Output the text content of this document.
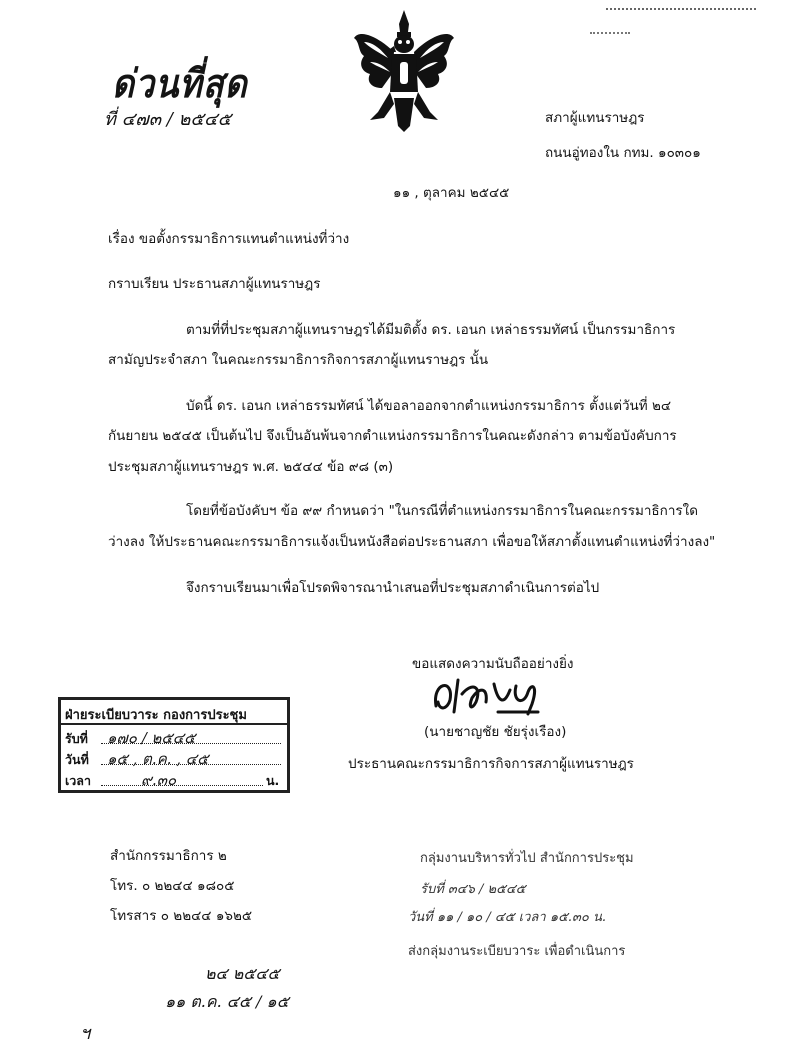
ด่วนที่สุด
ที่ ๔๗๓ / ๒๕๔๕	สภาผู้แทนราษฎร
ถนนอู่ทองใน กทม. ๑๐๓๐๑
๑๑ , ตุลาคม ๒๕๔๕
เรื่อง ขอตั้งกรรมาธิการแทนตำแหน่งที่ว่าง
กราบเรียน ประธานสภาผู้แทนราษฎร
ตามที่ที่ประชุมสภาผู้แทนราษฎรได้มีมติตั้ง ดร. เอนก เหล่าธรรมทัศน์ เป็นกรรมาธิการ
สามัญประจำสภา ในคณะกรรมาธิการกิจการสภาผู้แทนราษฎร นั้น
บัดนี้ ดร. เอนก เหล่าธรรมทัศน์ ได้ขอลาออกจากตำแหน่งกรรมาธิการ ตั้งแต่วันที่ ๒๔
กันยายน ๒๕๔๕ เป็นต้นไป จึงเป็นอันพ้นจากตำแหน่งกรรมาธิการในคณะดังกล่าว ตามข้อบังคับการ
ประชุมสภาผู้แทนราษฎร พ.ศ. ๒๕๔๔ ข้อ ๙๘ (๓)
โดยที่ข้อบังคับฯ ข้อ ๙๙ กำหนดว่า "ในกรณีที่ตำแหน่งกรรมาธิการในคณะกรรมาธิการใด
ว่างลง ให้ประธานคณะกรรมาธิการแจ้งเป็นหนังสือต่อประธานสภา เพื่อขอให้สภาตั้งแทนตำแหน่งที่ว่างลง"
จึงกราบเรียนมาเพื่อโปรดพิจารณานำเสนอที่ประชุมสภาดำเนินการต่อไป
ขอแสดงความนับถืออย่างยิ่ง
(นายชาญชัย ชัยรุ่งเรือง)
ประธานคณะกรรมาธิการกิจการสภาผู้แทนราษฎร
ฝ่ายระเบียบวาระ กองการประชุม
รับที่ ๑๗๐ / ๒๕๔๕
วันที่ ๑๕ , ต.ค. , ๔๕
เวลา	๙.๓๐	น.
สำนักกรรมาธิการ ๒
โทร. ๐ ๒๒๔๔ ๑๘๐๕
โทรสาร ๐ ๒๒๔๔ ๑๖๒๕
กลุ่มงานบริหารทั่วไป สำนักการประชุม
รับที่ ๓๔๖ / ๒๕๔๕
วันที่ ๑๑ / ๑๐ / ๔๕ เวลา ๑๕.๓๐ น.
ส่งกลุ่มงานระเบียบวาระ เพื่อดำเนินการ
๒๔ ๒๕๔๕
๑๑ ต.ค. ๔๕ / ๑๕
ฯ
